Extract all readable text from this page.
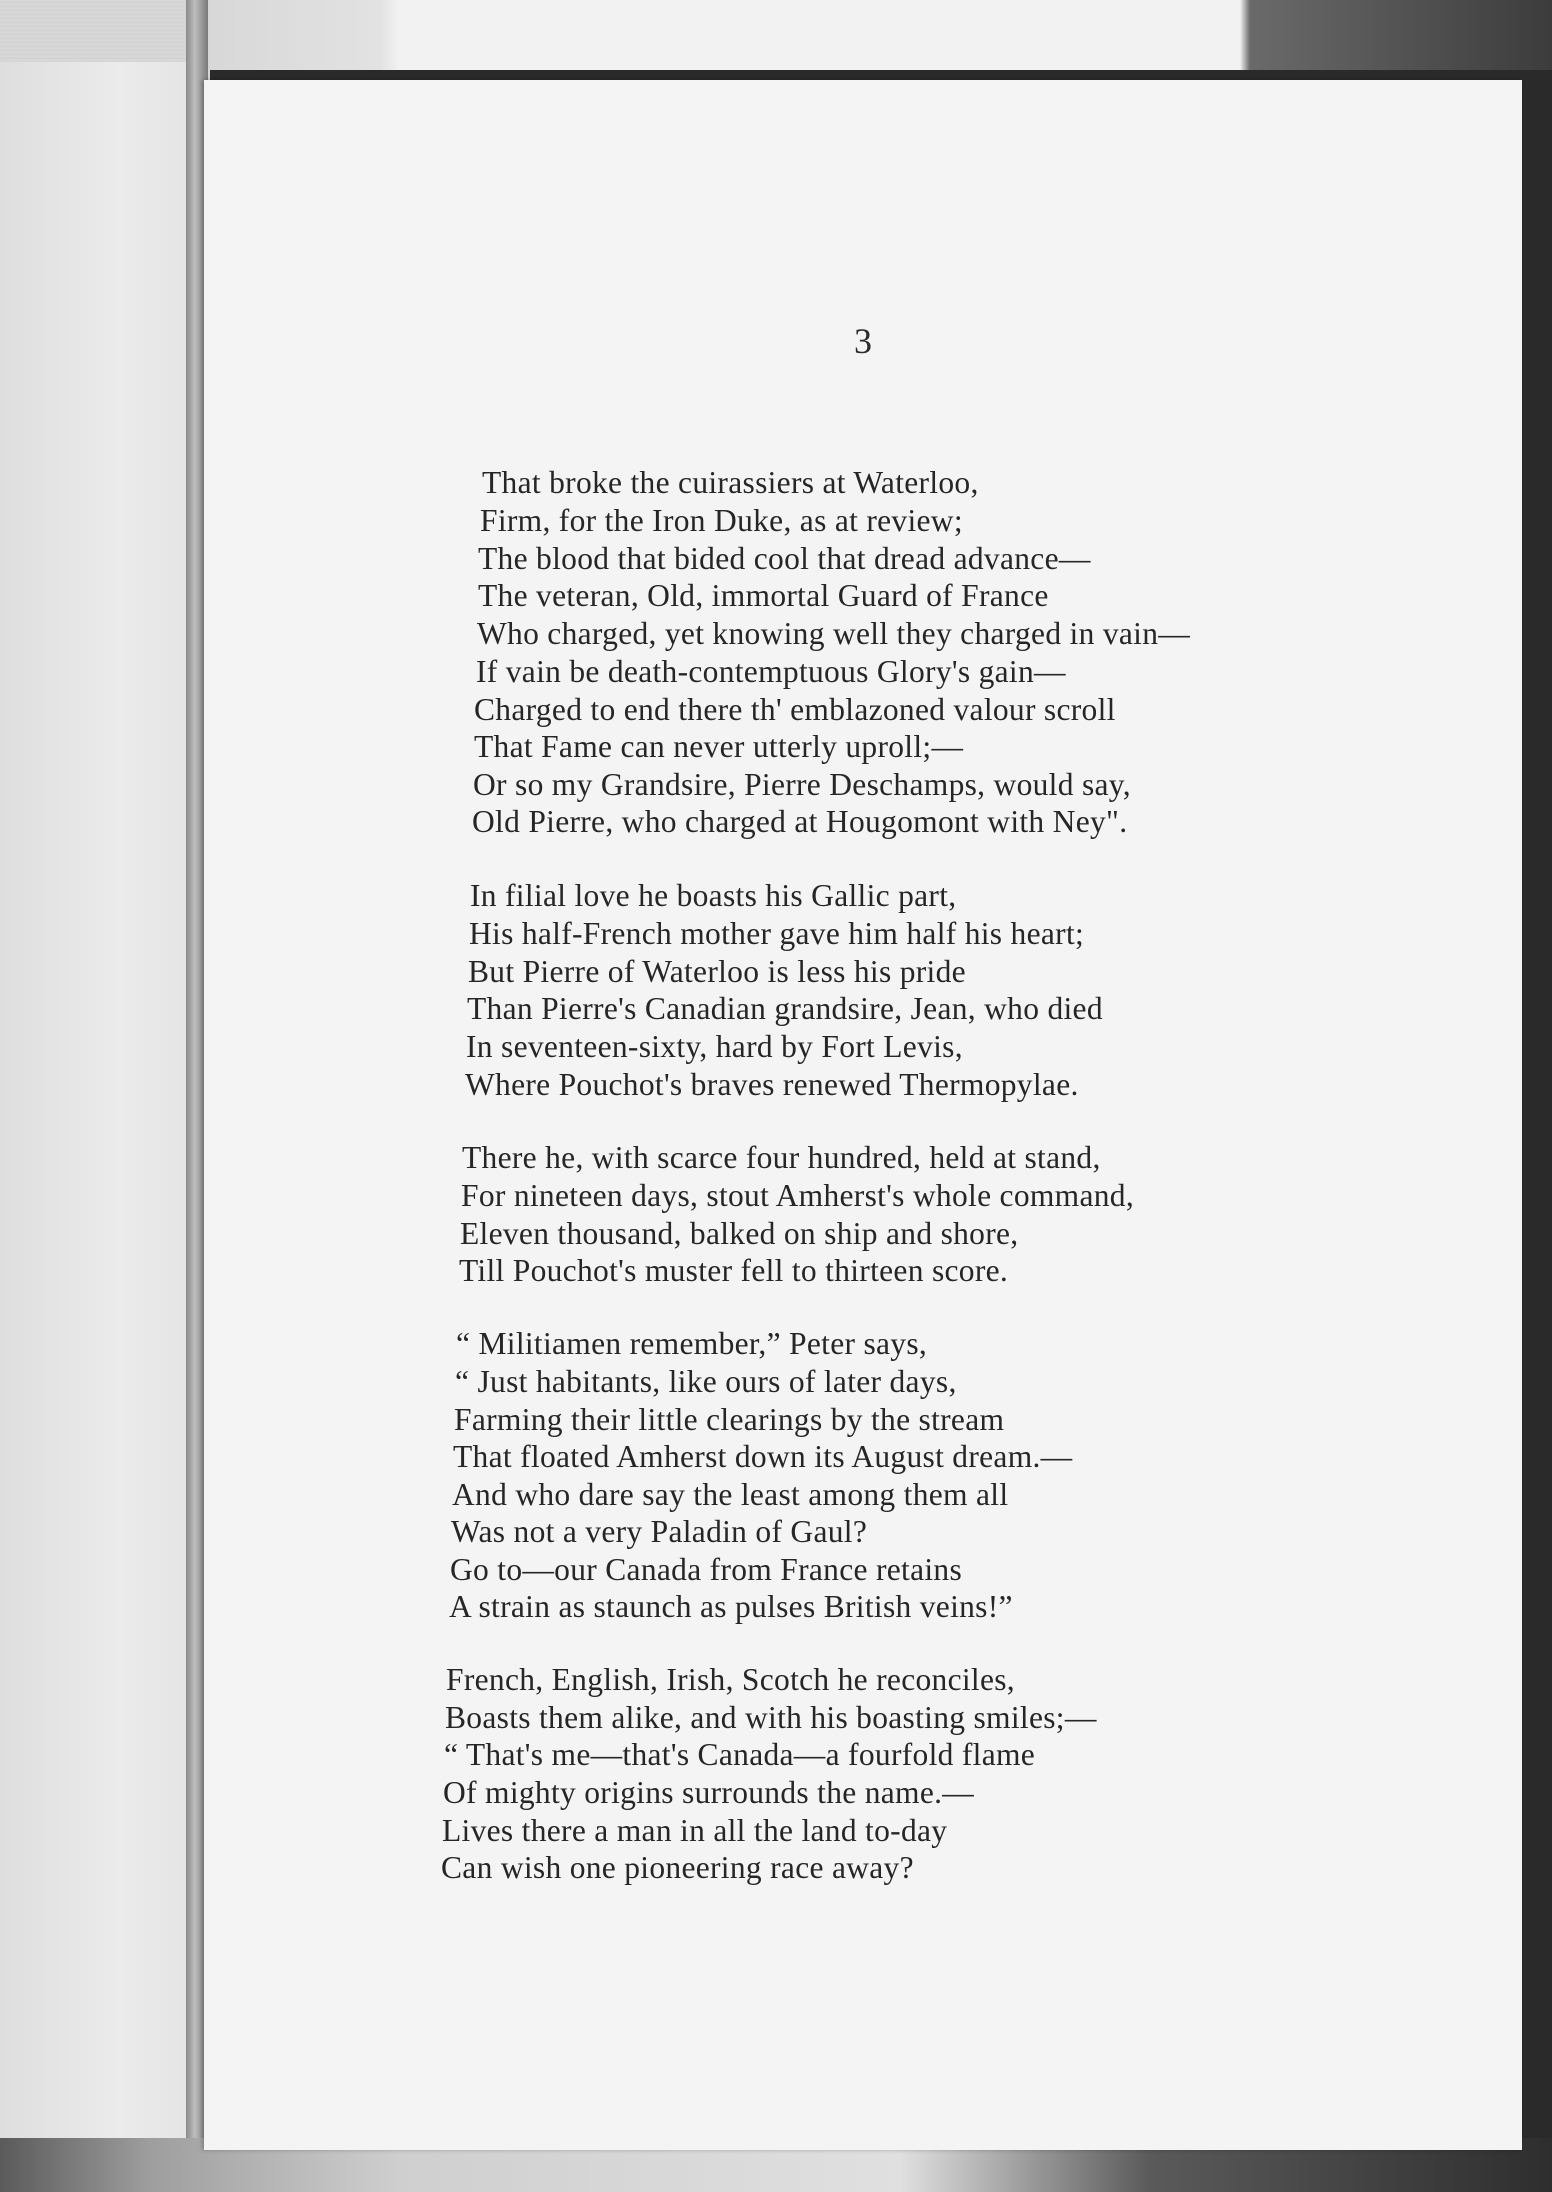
3
That broke the cuirassiers at Waterloo,
Firm, for the Iron Duke, as at review;
The blood that bided cool that dread advance—
The veteran, Old, immortal Guard of France
Who charged, yet knowing well they charged in vain—
If vain be death-contemptuous Glory's gain—
Charged to end there th' emblazoned valour scroll
That Fame can never utterly uproll;—
Or so my Grandsire, Pierre Deschamps, would say,
Old Pierre, who charged at Hougomont with Ney".
In filial love he boasts his Gallic part,
His half-French mother gave him half his heart;
But Pierre of Waterloo is less his pride
Than Pierre's Canadian grandsire, Jean, who died
In seventeen-sixty, hard by Fort Levis,
Where Pouchot's braves renewed Thermopylae.
There he, with scarce four hundred, held at stand,
For nineteen days, stout Amherst's whole command,
Eleven thousand, balked on ship and shore,
Till Pouchot's muster fell to thirteen score.
“ Militiamen remember,” Peter says,
“ Just habitants, like ours of later days,
Farming their little clearings by the stream
That floated Amherst down its August dream.—
And who dare say the least among them all
Was not a very Paladin of Gaul?
Go to—our Canada from France retains
A strain as staunch as pulses British veins!”
French, English, Irish, Scotch he reconciles,
Boasts them alike, and with his boasting smiles;—
“ That's me—that's Canada—a fourfold flame
Of mighty origins surrounds the name.—
Lives there a man in all the land to-day
Can wish one pioneering race away?
